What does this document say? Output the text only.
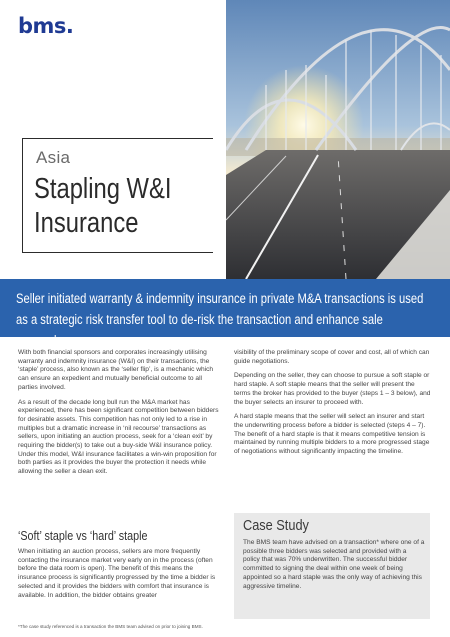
bms.
Asia
Stapling W&I
Insurance
Seller initiated warranty & indemnity insurance in private M&A transactions is used as a strategic risk transfer tool to de-risk the transaction and enhance sale proceeds.

With both financial sponsors and corporates increasingly utilising warranty and indemnity insurance (W&I) on their transactions, the ‘staple’ process, also known as the ‘seller flip’, is a mechanic which can ensure an expedient and mutually beneficial outcome to all parties involved.

As a result of the decade long bull run the M&A market has experienced, there has been significant competition between bidders for desirable assets. This competition has not only led to a rise in multiples but a dramatic increase in ‘nil recourse’ transactions as sellers, upon initiating an auction process, seek for a ‘clean exit’ by requiring the bidder(s) to take out a buy-side W&I insurance policy. Under this model, W&I insurance facilitates a win-win proposition for both parties as it provides the buyer the protection it needs while allowing the seller a clean exit.

‘Soft’ staple vs ‘hard’ staple

When initiating an auction process, sellers are more frequently contacting the insurance market very early on in the process (often before the data room is open). The benefit of this means the insurance process is significantly progressed by the time a bidder is selected and it provides the bidders with comfort that insurance is available. In addition, the bidder obtains greater

visibility of the preliminary scope of cover and cost, all of which can guide negotiations.

Depending on the seller, they can choose to pursue a soft staple or hard staple. A soft staple means that the seller will present the terms the broker has provided to the buyer (steps 1 – 3 below), and the buyer selects an insurer to proceed with.

A hard staple means that the seller will select an insurer and start the underwriting process before a bidder is selected (steps 4 – 7). The benefit of a hard staple is that it means competitive tension is maintained by running multiple bidders to a more progressed stage of negotiations without significantly impacting the timeline.

Case Study
The BMS team have advised on a transaction* where one of a possible three bidders was selected and provided with a policy that was 70% underwritten. The successful bidder committed to signing the deal within one week of being appointed so a hard staple was the only way of achieving this aggressive timeline.
*The case study referenced is a transaction the BMS team advised on prior to joining BMS.
